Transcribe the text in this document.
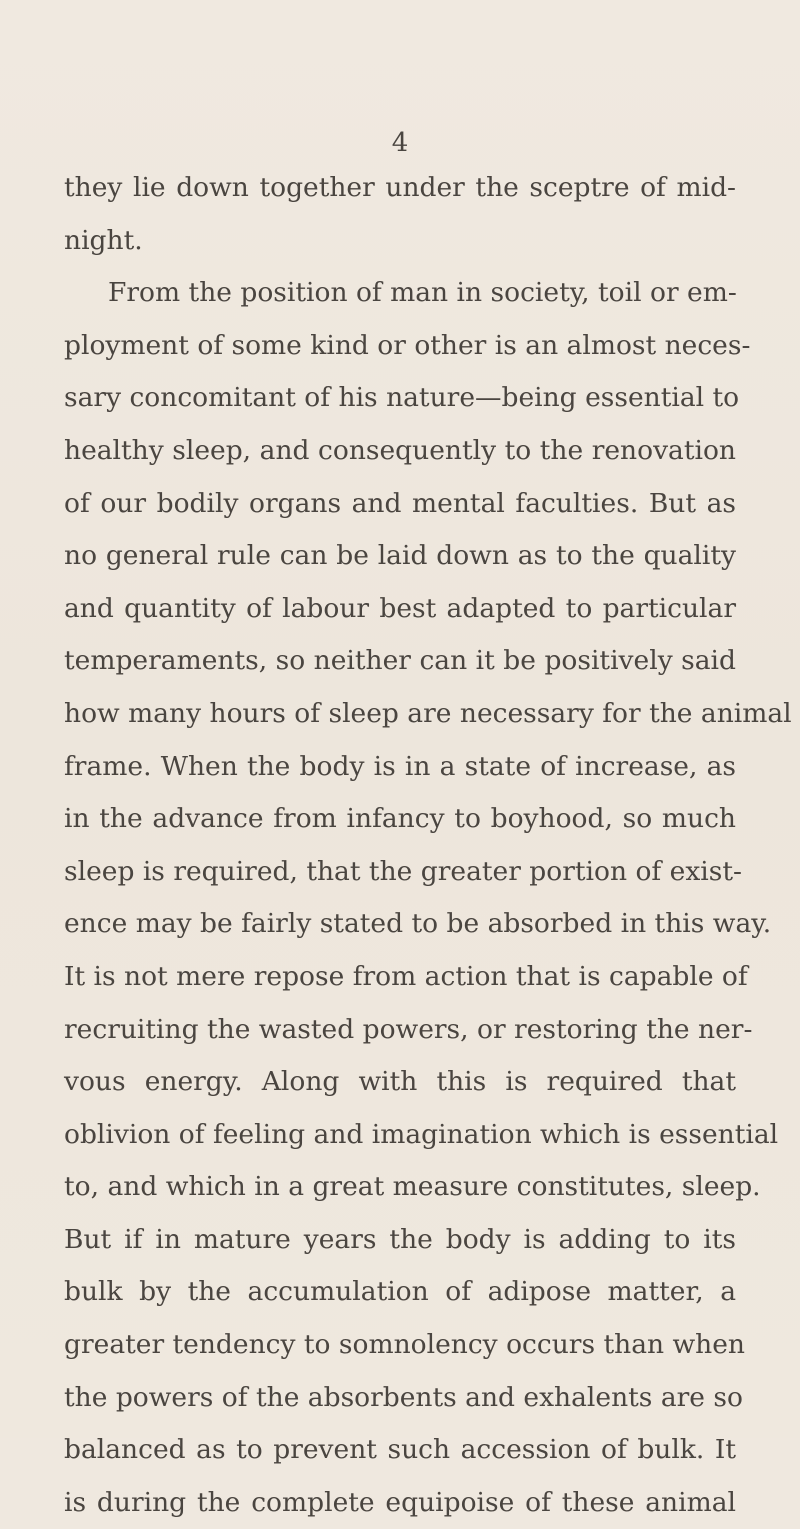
4
they lie down together under the sceptre of mid-
night.
From the position of man in society, toil or em-
ployment of some kind or other is an almost neces-
sary concomitant of his nature—being essential to
healthy sleep, and consequently to the renovation
of our bodily organs and mental faculties. But as
no general rule can be laid down as to the quality
and quantity of labour best adapted to particular
temperaments, so neither can it be positively said
how many hours of sleep are necessary for the animal
frame. When the body is in a state of increase, as
in the advance from infancy to boyhood, so much
sleep is required, that the greater portion of exist-
ence may be fairly stated to be absorbed in this way.
It is not mere repose from action that is capable of
recruiting the wasted powers, or restoring the ner-
vous energy. Along with this is required that
oblivion of feeling and imagination which is essential
to, and which in a great measure constitutes, sleep.
But if in mature years the body is adding to its
bulk by the accumulation of adipose matter, a
greater tendency to somnolency occurs than when
the powers of the absorbents and exhalents are so
balanced as to prevent such accession of bulk. It
is during the complete equipoise of these animal
